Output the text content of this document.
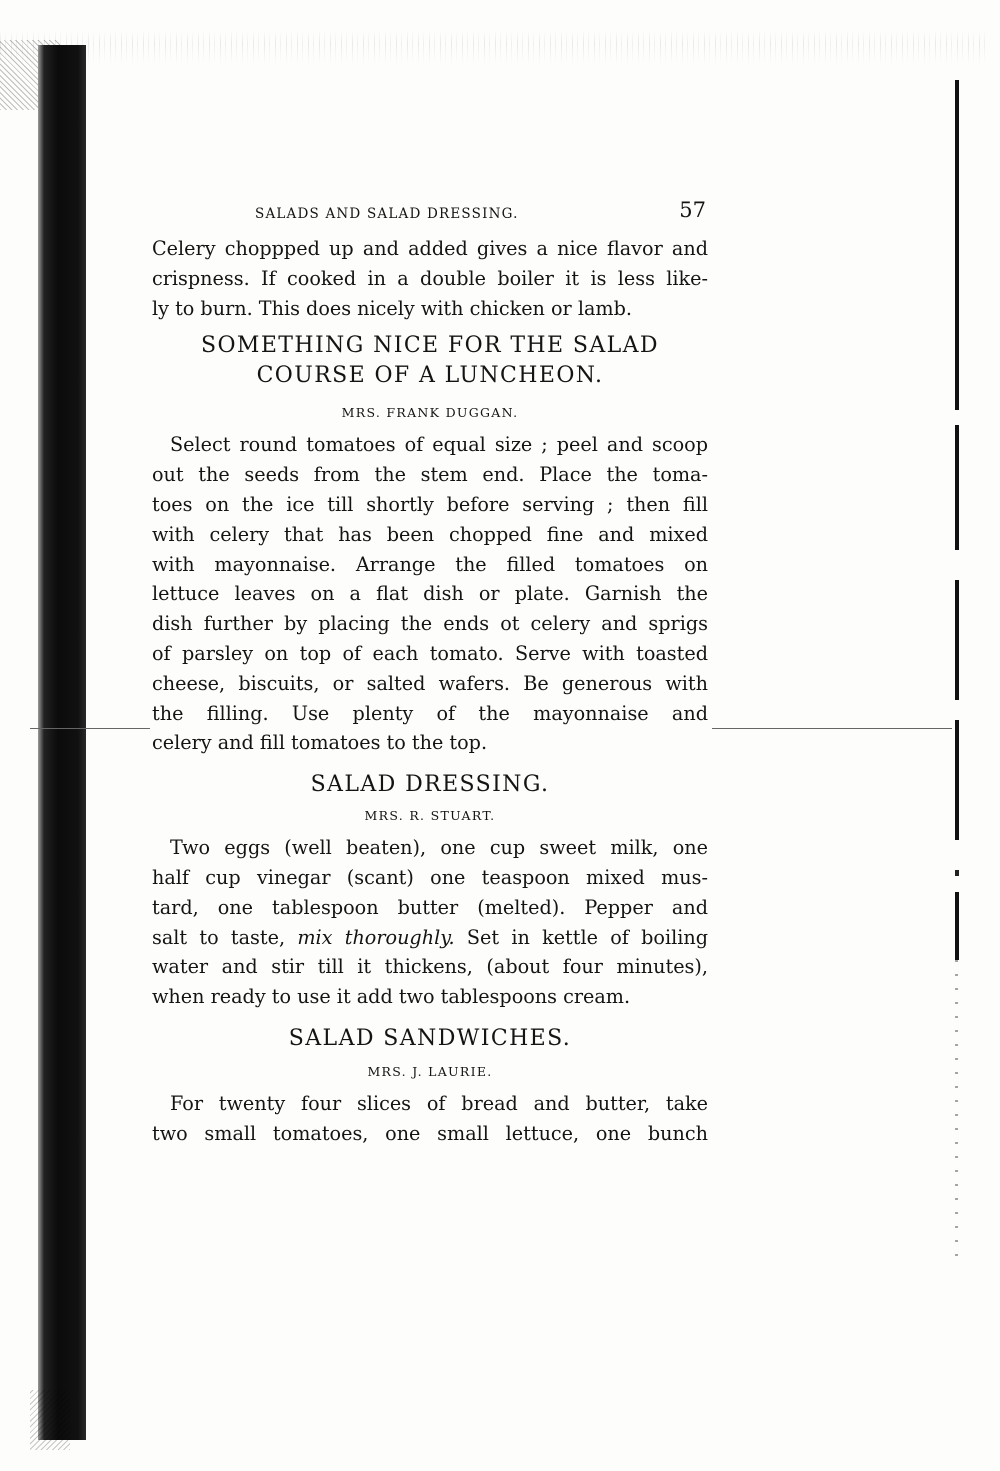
SALADS AND SALAD DRESSING.	57

Celery choppped up and added gives a nice flavor and

crispness. If cooked in a double boiler it is less like-

ly to burn. This does nicely with chicken or lamb.

SOMETHING NICE FOR THE SALAD
COURSE OF A LUNCHEON.
MRS. FRANK DUGGAN.

Select round tomatoes of equal size ; peel and scoop

out the seeds from the stem end. Place the toma-

toes on the ice till shortly before serving ; then fill

with celery that has been chopped fine and mixed

with mayonnaise. Arrange the filled tomatoes on

lettuce leaves on a flat dish or plate. Garnish the

dish further by placing the ends ot celery and sprigs

of parsley on top of each tomato. Serve with toasted

cheese, biscuits, or salted wafers. Be generous with

the filling. Use plenty of the mayonnaise and

celery and fill tomatoes to the top.

SALAD DRESSING.
MRS. R. STUART.

Two eggs (well beaten), one cup sweet milk, one

half cup vinegar (scant) one teaspoon mixed mus-

tard, one tablespoon butter (melted). Pepper and

salt to taste, mix thoroughly. Set in kettle of boiling

water and stir till it thickens, (about four minutes),

when ready to use it add two tablespoons cream.

SALAD SANDWICHES.
MRS. J. LAURIE.

For twenty four slices of bread and butter, take

two small tomatoes, one small lettuce, one bunch
